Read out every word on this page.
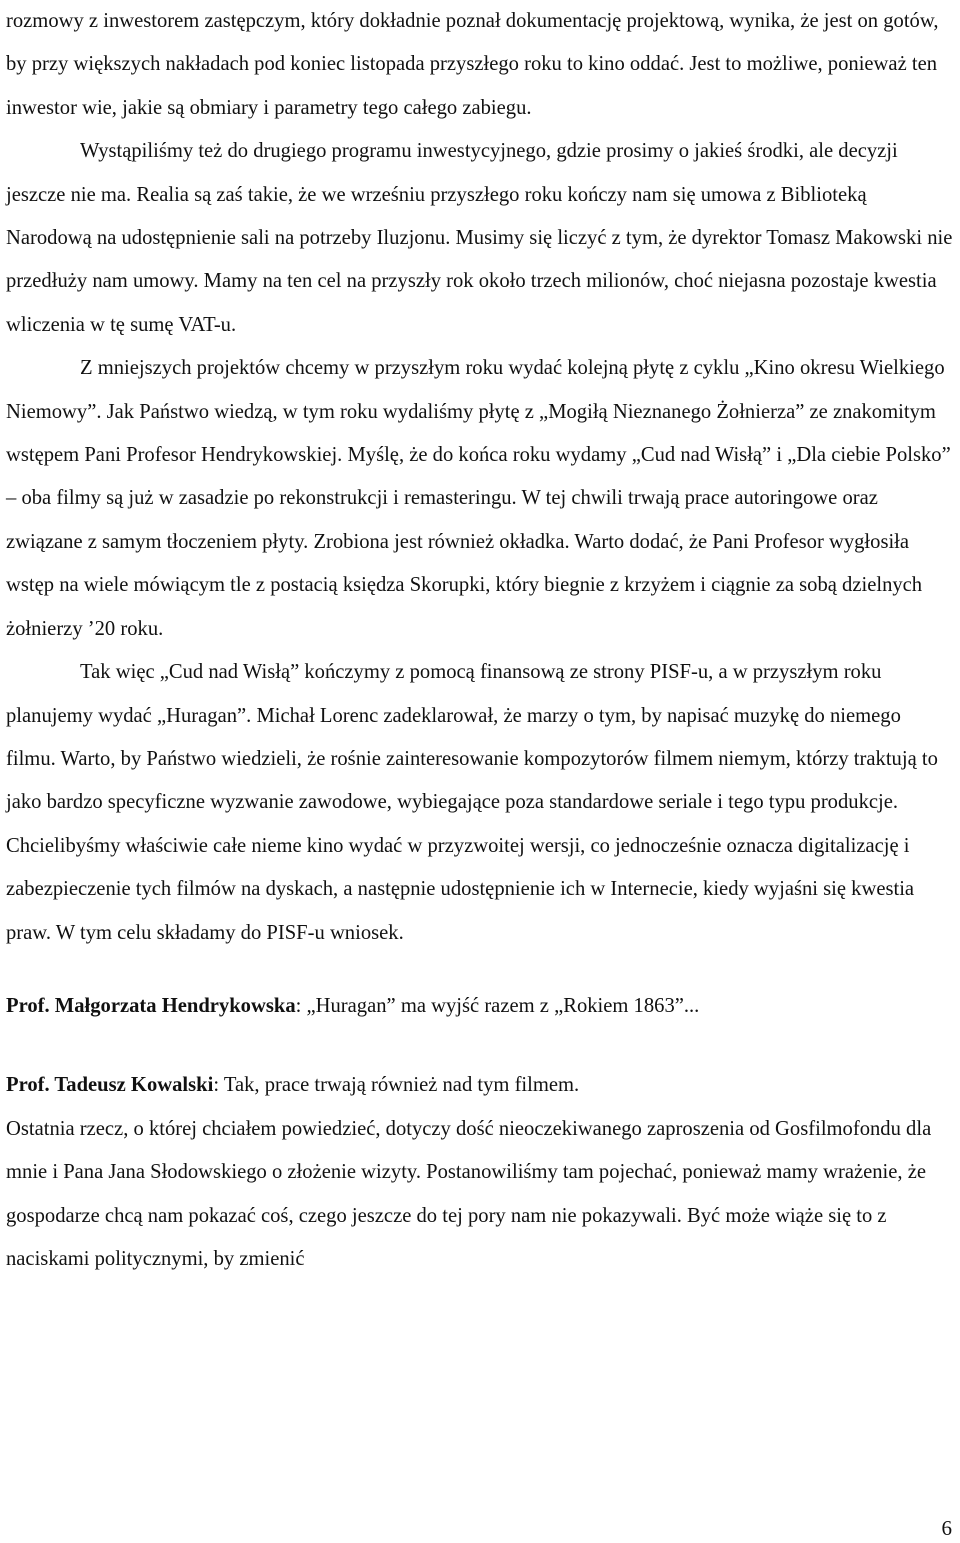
rozmowy z inwestorem zastępczym, który dokładnie poznał dokumentację projektową, wynika, że jest on gotów, by przy większych nakładach pod koniec listopada przyszłego roku to kino oddać. Jest to możliwe, ponieważ ten inwestor wie, jakie są obmiary i parametry tego całego zabiegu.

Wystąpiliśmy też do drugiego programu inwestycyjnego, gdzie prosimy o jakieś środki, ale decyzji jeszcze nie ma. Realia są zaś takie, że we wrześniu przyszłego roku kończy nam się umowa z Biblioteką Narodową na udostępnienie sali na potrzeby Iluzjonu. Musimy się liczyć z tym, że dyrektor Tomasz Makowski nie przedłuży nam umowy. Mamy na ten cel na przyszły rok około trzech milionów, choć niejasna pozostaje kwestia wliczenia w tę sumę VAT-u.

Z mniejszych projektów chcemy w przyszłym roku wydać kolejną płytę z cyklu „Kino okresu Wielkiego Niemowy”. Jak Państwo wiedzą, w tym roku wydaliśmy płytę z „Mogiłą Nieznanego Żołnierza” ze znakomitym wstępem Pani Profesor Hendrykowskiej. Myślę, że do końca roku wydamy „Cud nad Wisłą” i „Dla ciebie Polsko” – oba filmy są już w zasadzie po rekonstrukcji i remasteringu. W tej chwili trwają prace autoringowe oraz związane z samym tłoczeniem płyty. Zrobiona jest również okładka. Warto dodać, że Pani Profesor wygłosiła wstęp na wiele mówiącym tle z postacią księdza Skorupki, który biegnie z krzyżem i ciągnie za sobą dzielnych żołnierzy ’20 roku.

Tak więc „Cud nad Wisłą” kończymy z pomocą finansową ze strony PISF-u, a w przyszłym roku planujemy wydać „Huragan”. Michał Lorenc zadeklarował, że marzy o tym, by napisać muzykę do niemego filmu. Warto, by Państwo wiedzieli, że rośnie zainteresowanie kompozytorów filmem niemym, którzy traktują to jako bardzo specyficzne wyzwanie zawodowe, wybiegające poza standardowe seriale i tego typu produkcje. Chcielibyśmy właściwie całe nieme kino wydać w przyzwoitej wersji, co jednocześnie oznacza digitalizację i zabezpieczenie tych filmów na dyskach, a następnie udostępnienie ich w Internecie, kiedy wyjaśni się kwestia praw. W tym celu składamy do PISF-u wniosek.

Prof. Małgorzata Hendrykowska: „Huragan” ma wyjść razem z „Rokiem 1863”...

Prof. Tadeusz Kowalski: Tak, prace trwają również nad tym filmem.

Ostatnia rzecz, o której chciałem powiedzieć, dotyczy dość nieoczekiwanego zaproszenia od Gosfilmofondu dla mnie i Pana Jana Słodowskiego o złożenie wizyty. Postanowiliśmy tam pojechać, ponieważ mamy wrażenie, że gospodarze chcą nam pokazać coś, czego jeszcze do tej pory nam nie pokazywali. Być może wiąże się to z naciskami politycznymi, by zmienić

6
